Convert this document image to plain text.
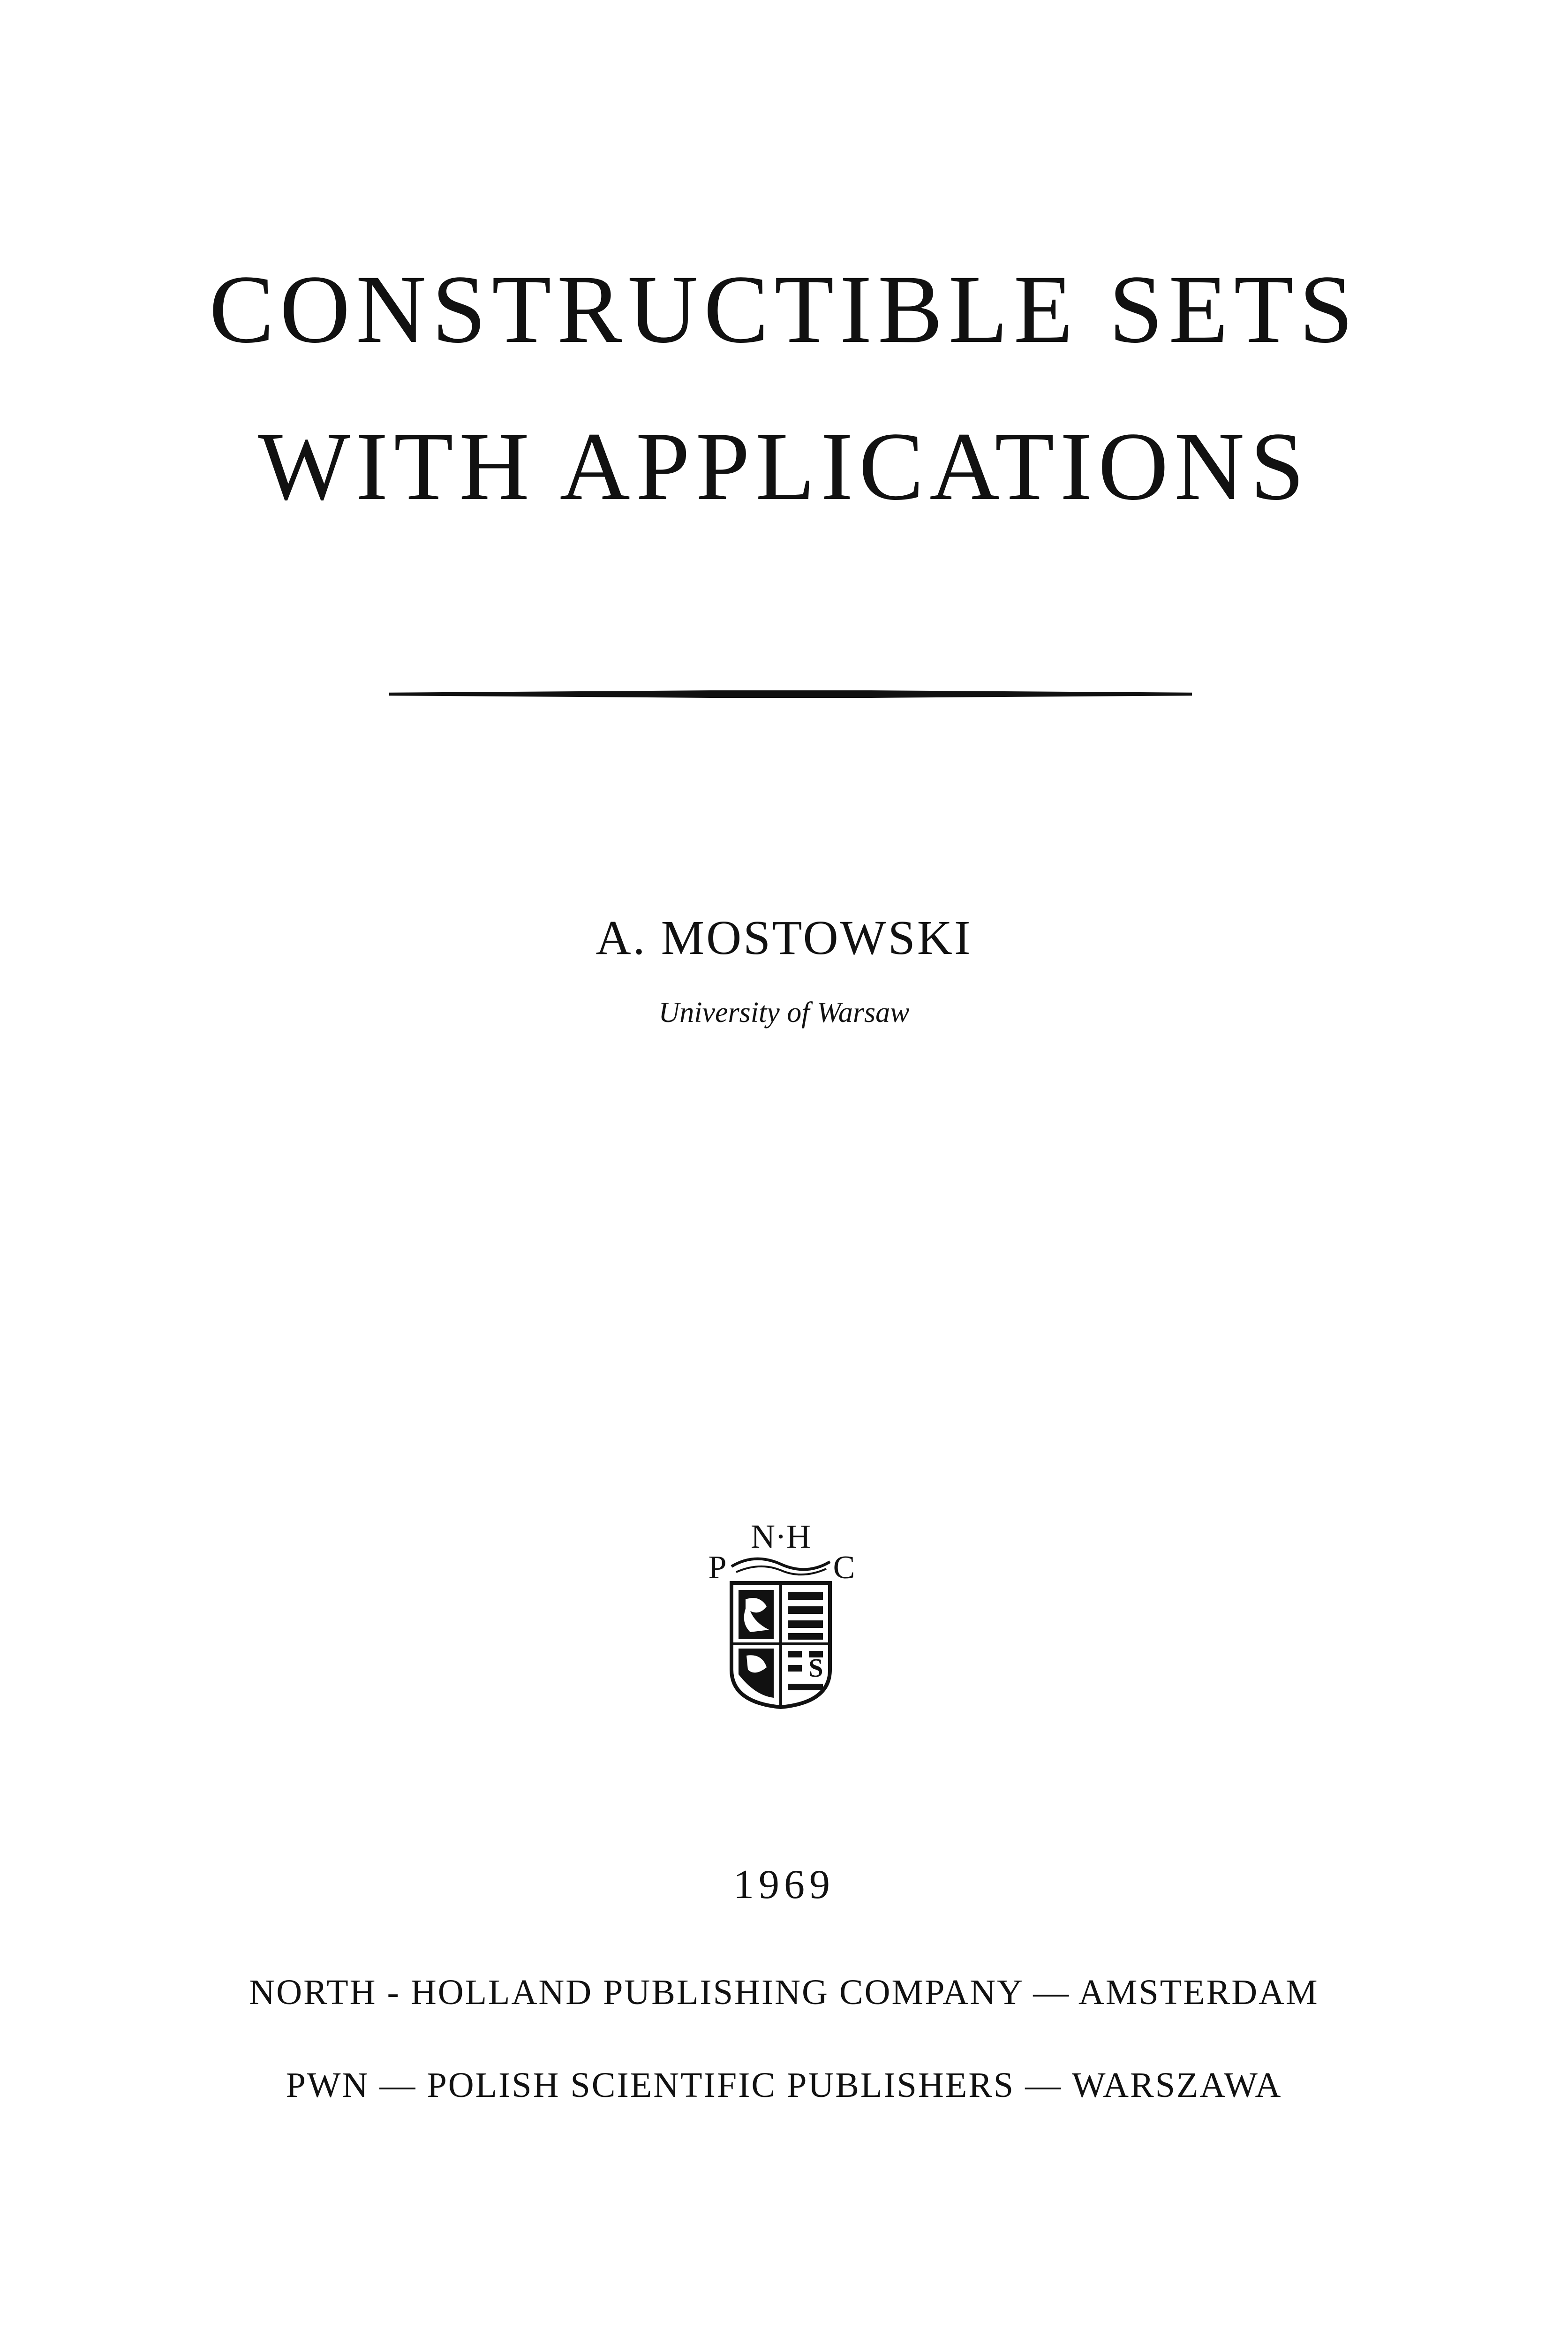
CONSTRUCTIBLE SETS
WITH APPLICATIONS
A. MOSTOWSKI
University of Warsaw
N·H
P	C
S
1969
NORTH - HOLLAND PUBLISHING COMPANY — AMSTERDAM
PWN — POLISH SCIENTIFIC PUBLISHERS — WARSZAWA
